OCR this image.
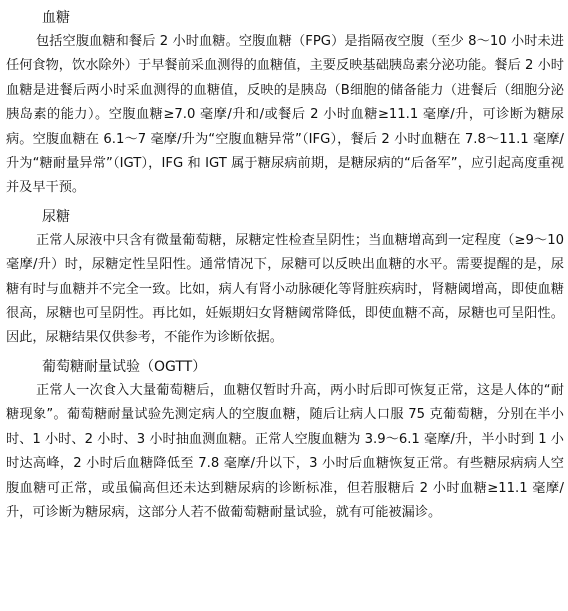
血糖

包括空腹血糖和餐后 2 小时血糖。空腹血糖（FPG）是指隔夜空腹（至少 8～10 小时未进任何食物，饮水除外）于早餐前采血测得的血糖值，主要反映基础胰岛素分泌功能。餐后 2 小时血糖是进餐后两小时采血测得的血糖值，反映的是胰岛（B细胞的储备能力（进餐后（细胞分泌胰岛素的能力）。空腹血糖≥7.0 毫摩/升和/或餐后 2 小时血糖≥11.1 毫摩/升，可诊断为糖尿病。空腹血糖在 6.1～7 毫摩/升为“空腹血糖异常”（IFG），餐后 2 小时血糖在 7.8～11.1 毫摩/升为“糖耐量异常”（IGT），IFG 和 IGT 属于糖尿病前期，是糖尿病的“后备军”，应引起高度重视并及早干预。

尿糖

正常人尿液中只含有微量葡萄糖，尿糖定性检查呈阴性；当血糖增高到一定程度（≥9～10 毫摩/升）时，尿糖定性呈阳性。通常情况下，尿糖可以反映出血糖的水平。需要提醒的是，尿糖有时与血糖并不完全一致。比如，病人有肾小动脉硬化等肾脏疾病时，肾糖阈增高，即使血糖很高，尿糖也可呈阴性。再比如，妊娠期妇女肾糖阈常降低，即使血糖不高，尿糖也可呈阳性。因此，尿糖结果仅供参考，不能作为诊断依据。

葡萄糖耐量试验（OGTT）

正常人一次食入大量葡萄糖后，血糖仅暂时升高，两小时后即可恢复正常，这是人体的“耐糖现象”。葡萄糖耐量试验先测定病人的空腹血糖，随后让病人口服 75 克葡萄糖，分别在半小时、1 小时、2 小时、3 小时抽血测血糖。正常人空腹血糖为 3.9～6.1 毫摩/升，半小时到 1 小时达高峰，2 小时后血糖降低至 7.8 毫摩/升以下，3 小时后血糖恢复正常。有些糖尿病病人空腹血糖可正常，或虽偏高但还未达到糖尿病的诊断标准，但若服糖后 2 小时血糖≥11.1 毫摩/升，可诊断为糖尿病，这部分人若不做葡萄糖耐量试验，就有可能被漏诊。
